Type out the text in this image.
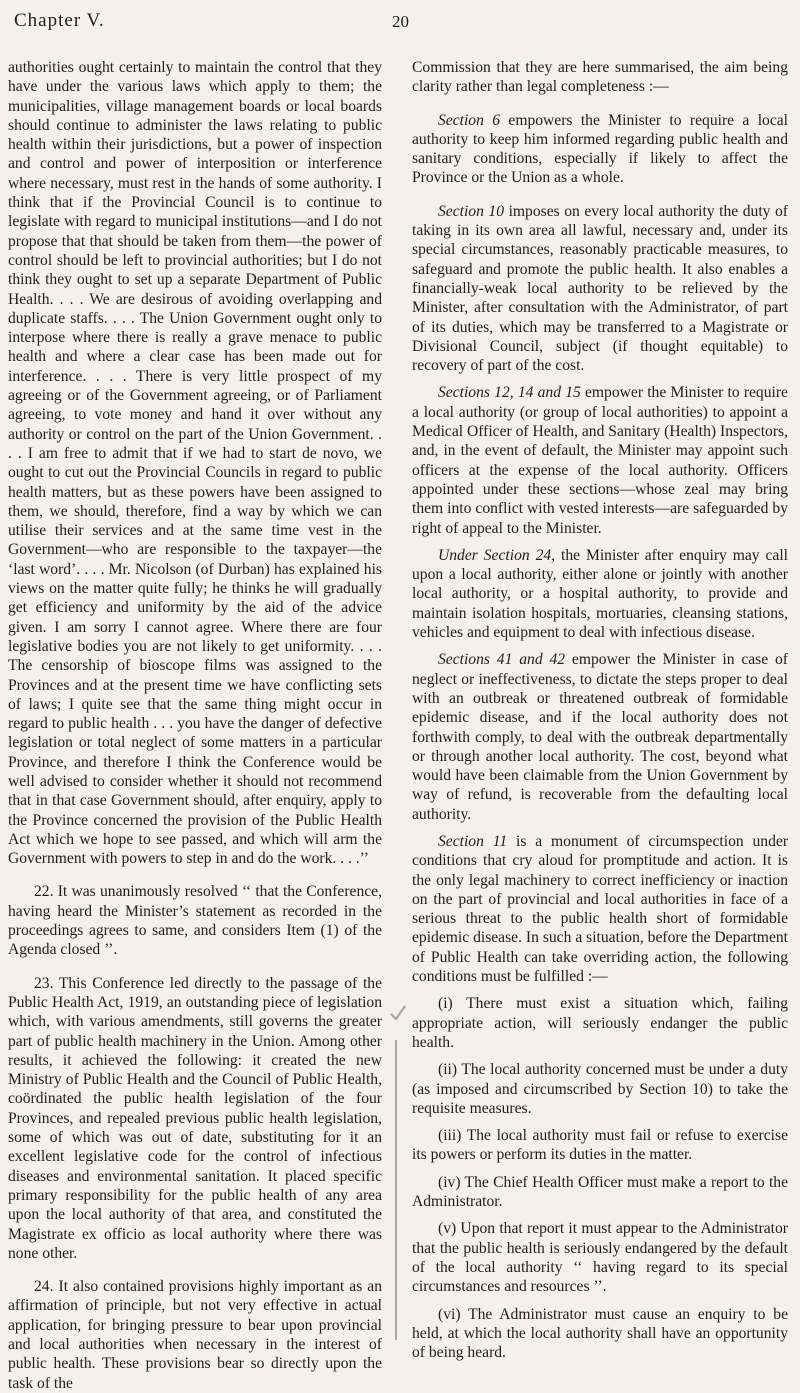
Chapter V.	20

authorities ought certainly to maintain the control that they have under the various laws which apply to them; the municipalities, village management boards or local boards should continue to administer the laws relating to public health within their jurisdictions, but a power of inspection and control and power of interposition or interference where necessary, must rest in the hands of some authority. I think that if the Provincial Council is to continue to legislate with regard to municipal institutions—and I do not propose that that should be taken from them—the power of control should be left to provincial authorities; but I do not think they ought to set up a separate Department of Public Health. . . . We are desirous of avoiding overlapping and duplicate staffs. . . . The Union Government ought only to interpose where there is really a grave menace to public health and where a clear case has been made out for interference. . . . There is very little prospect of my agreeing or of the Government agreeing, or of Parliament agreeing, to vote money and hand it over without any authority or control on the part of the Union Government. . . . I am free to admit that if we had to start de novo, we ought to cut out the Provincial Councils in regard to public health matters, but as these powers have been assigned to them, we should, therefore, find a way by which we can utilise their services and at the same time vest in the Government—who are responsible to the taxpayer—the ‘last word’. . . . Mr. Nicolson (of Durban) has explained his views on the matter quite fully; he thinks he will gradually get efficiency and uniformity by the aid of the advice given. I am sorry I cannot agree. Where there are four legislative bodies you are not likely to get uniformity. . . . The censorship of bioscope films was assigned to the Provinces and at the present time we have conflicting sets of laws; I quite see that the same thing might occur in regard to public health . . . you have the danger of defective legislation or total neglect of some matters in a particular Province, and therefore I think the Conference would be well advised to consider whether it should not recommend that in that case Government should, after enquiry, apply to the Province concerned the provision of the Public Health Act which we hope to see passed, and which will arm the Government with powers to step in and do the work. . . .’’

22. It was unanimously resolved ‘‘ that the Conference, having heard the Minister’s statement as recorded in the proceedings agrees to same, and considers Item (1) of the Agenda closed ’’.

23. This Conference led directly to the passage of the Public Health Act, 1919, an outstanding piece of legislation which, with various amendments, still governs the greater part of public health machinery in the Union. Among other results, it achieved the following: it created the new Ministry of Public Health and the Council of Public Health, coördinated the public health legislation of the four Provinces, and repealed previous public health legislation, some of which was out of date, substituting for it an excellent legislative code for the control of infectious diseases and environmental sanitation. It placed specific primary responsibility for the public health of any area upon the local authority of that area, and constituted the Magistrate ex officio as local authority where there was none other.

24. It also contained provisions highly important as an affirmation of principle, but not very effective in actual application, for bringing pressure to bear upon provincial and local authorities when necessary in the interest of public health. These provisions bear so directly upon the task of the

Commission that they are here summarised, the aim being clarity rather than legal completeness :—

Section 6 empowers the Minister to require a local authority to keep him informed regarding public health and sanitary conditions, especially if likely to affect the Province or the Union as a whole.

Section 10 imposes on every local authority the duty of taking in its own area all lawful, necessary and, under its special circumstances, reasonably practicable measures, to safeguard and promote the public health. It also enables a financially-weak local authority to be relieved by the Minister, after consultation with the Administrator, of part of its duties, which may be transferred to a Magistrate or Divisional Council, subject (if thought equitable) to recovery of part of the cost.

Sections 12, 14 and 15 empower the Minister to require a local authority (or group of local authorities) to appoint a Medical Officer of Health, and Sanitary (Health) Inspectors, and, in the event of default, the Minister may appoint such officers at the expense of the local authority. Officers appointed under these sections—whose zeal may bring them into conflict with vested interests—are safeguarded by right of appeal to the Minister.

Under Section 24, the Minister after enquiry may call upon a local authority, either alone or jointly with another local authority, or a hospital authority, to provide and maintain isolation hospitals, mortuaries, cleansing stations, vehicles and equipment to deal with infectious disease.

Sections 41 and 42 empower the Minister in case of neglect or ineffectiveness, to dictate the steps proper to deal with an outbreak or threatened outbreak of formidable epidemic disease, and if the local authority does not forthwith comply, to deal with the outbreak departmentally or through another local authority. The cost, beyond what would have been claimable from the Union Government by way of refund, is recoverable from the defaulting local authority.

Section 11 is a monument of circumspection under conditions that cry aloud for promptitude and action. It is the only legal machinery to correct inefficiency or inaction on the part of provincial and local authorities in face of a serious threat to the public health short of formidable epidemic disease. In such a situation, before the Department of Public Health can take overriding action, the following conditions must be fulfilled :—

(i) There must exist a situation which, failing appropriate action, will seriously endanger the public health.

(ii) The local authority concerned must be under a duty (as imposed and circumscribed by Section 10) to take the requisite measures.

(iii) The local authority must fail or refuse to exercise its powers or perform its duties in the matter.

(iv) The Chief Health Officer must make a report to the Administrator.

(v) Upon that report it must appear to the Administrator that the public health is seriously endangered by the default of the local authority ‘‘ having regard to its special circumstances and resources ’’.

(vi) The Administrator must cause an enquiry to be held, at which the local authority shall have an opportunity of being heard.
